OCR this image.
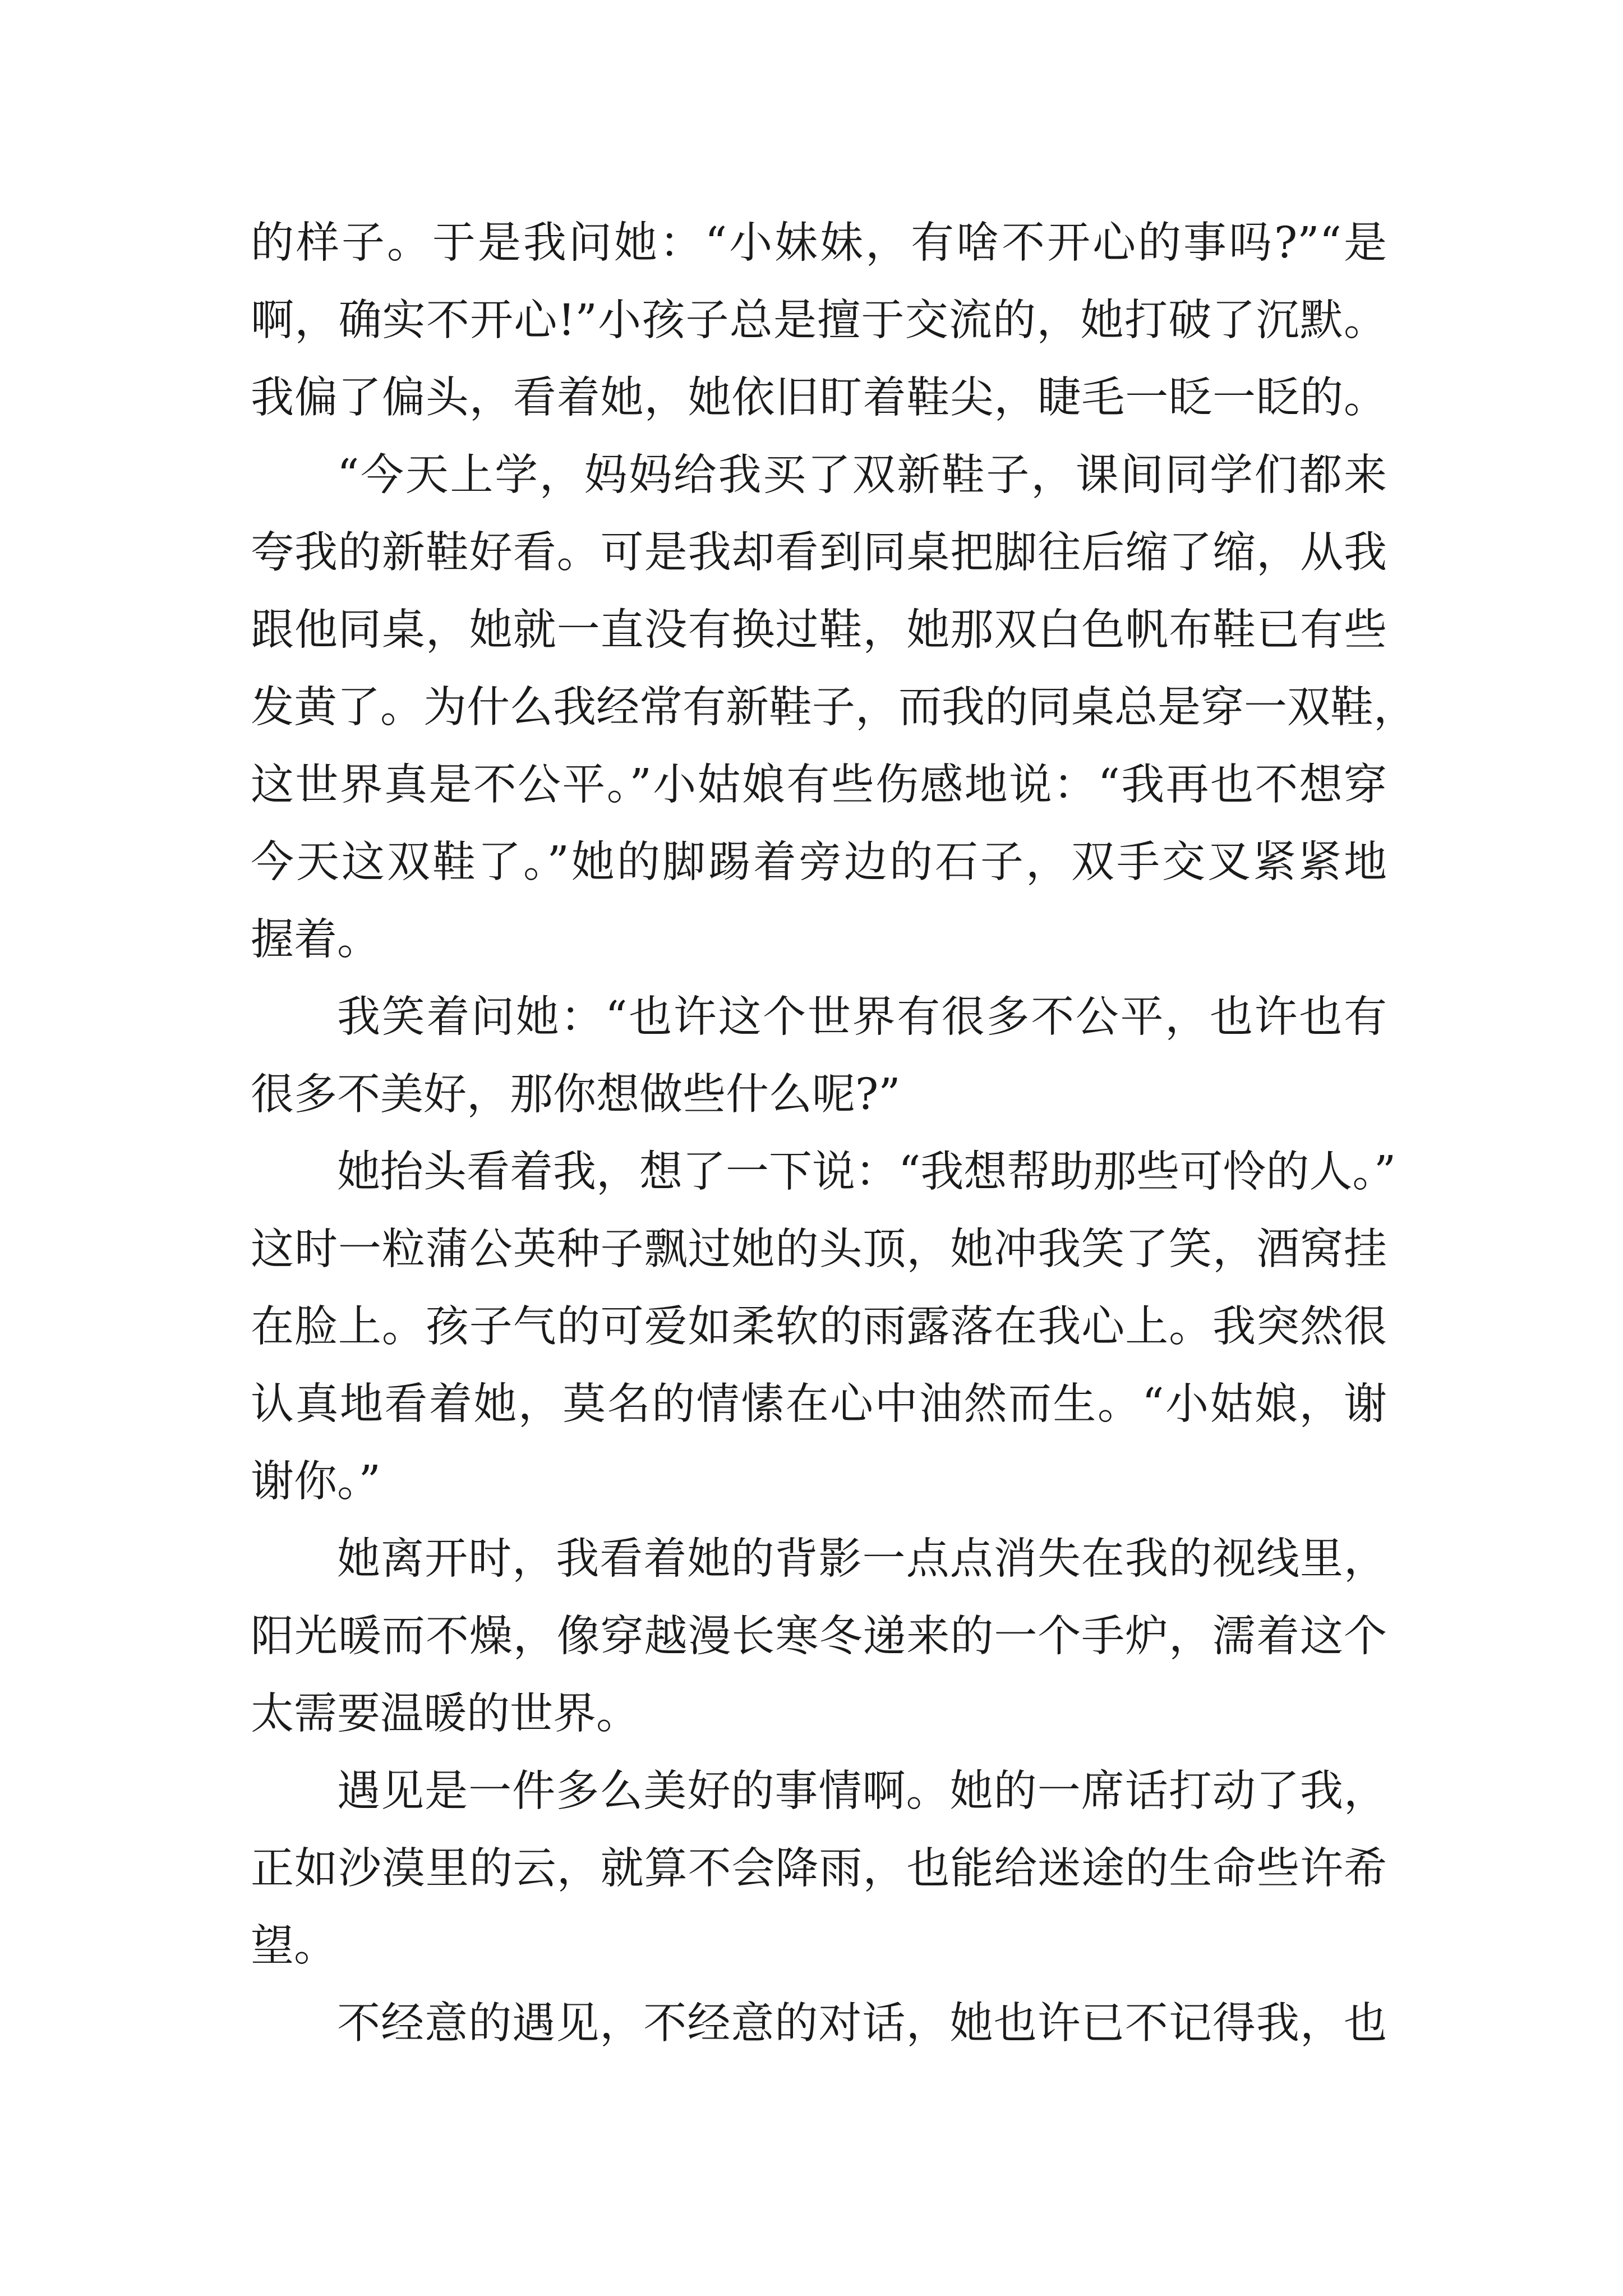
的样子。于是我问她：“小妹妹，有啥不开心的事吗?”“是
啊，确实不开心!”小孩子总是擅于交流的，她打破了沉默。
我偏了偏头，看着她，她依旧盯着鞋尖，睫毛一眨一眨的。
“今天上学，妈妈给我买了双新鞋子，课间同学们都来
夸我的新鞋好看。可是我却看到同桌把脚往后缩了缩，从我
跟他同桌，她就一直没有换过鞋，她那双白色帆布鞋已有些
发黄了。为什么我经常有新鞋子，而我的同桌总是穿一双鞋，
这世界真是不公平。”小姑娘有些伤感地说：“我再也不想穿
今天这双鞋了。”她的脚踢着旁边的石子，双手交叉紧紧地
握着。
我笑着问她：“也许这个世界有很多不公平，也许也有
很多不美好，那你想做些什么呢?”
她抬头看着我，想了一下说：“我想帮助那些可怜的人。”
这时一粒蒲公英种子飘过她的头顶，她冲我笑了笑，酒窝挂
在脸上。孩子气的可爱如柔软的雨露落在我心上。我突然很
认真地看着她，莫名的情愫在心中油然而生。“小姑娘，谢
谢你。”
她离开时，我看着她的背影一点点消失在我的视线里，
阳光暖而不燥，像穿越漫长寒冬递来的一个手炉，濡着这个
太需要温暖的世界。
遇见是一件多么美好的事情啊。她的一席话打动了我，
正如沙漠里的云，就算不会降雨，也能给迷途的生命些许希
望。
不经意的遇见，不经意的对话，她也许已不记得我，也
